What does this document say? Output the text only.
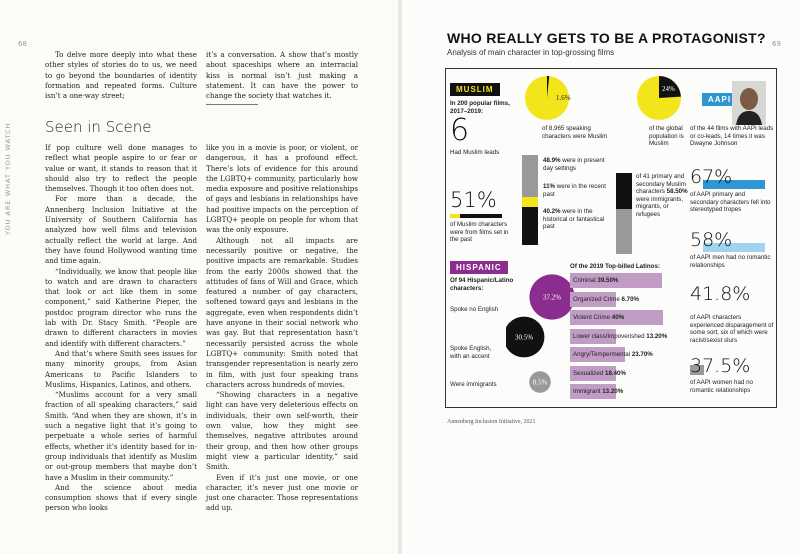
68
YOU ARE WHAT YOU WATCH

To delve more deeply into what these other styles of stories do to us, we need to go beyond the boundaries of identity formation and repeated forms. Culture isn’t a one-way street;

it’s a conversation. A show that’s mostly about spaceships where an interracial kiss is normal isn’t just making a statement. It can have the power to change the society that watches it.

Seen in Scene

If pop culture well done manages to reflect what people aspire to or fear or value or want, it stands to reason that it should also try to reflect the people themselves. Though it too often does not.

For more than a decade, the Annenberg Inclusion Initiative at the University of Southern California has analyzed how well films and television actually reflect the world at large. And they have found Hollywood wanting time and time again.

“Individually, we know that people like to watch and are drawn to characters that look or act like them in some component,” said Katherine Pieper, the postdoc program director who runs the lab with Dr. Stacy Smith. “People are drawn to different characters in movies and identify with different characters.”

And that’s where Smith sees issues for many minority groups, from Asian Americans to Pacific Islanders to Muslims, Hispanics, Latinos, and others.

“Muslims account for a very small fraction of all speaking characters,” said Smith. “And when they are shown, it’s in such a negative light that it’s going to perpetuate a whole series of harmful effects, whether it’s identity based for in-group individuals that identify as Muslim or out-group members that maybe don’t have a Muslim in their community.”

And the science about media consumption shows that if every single person who looks

like you in a movie is poor, or violent, or dangerous, it has a profound effect. There’s lots of evidence for this around the LGBTQ+ community, particularly how media exposure and positive relationships of gays and lesbians in relationships have had positive impacts on the perception of LGBTQ+ people on people for whom that was the only exposure.

Although not all impacts are necessarily positive or negative, the positive impacts are remarkable. Studies from the early 2000s showed that the attitudes of fans of Will and Grace, which featured a number of gay characters, softened toward gays and lesbians in the aggregate, even when respondents didn’t have anyone in their social network who was gay. But that representation hasn’t necessarily persisted across the whole LGBTQ+ community: Smith noted that transgender representation is nearly zero in film, with just four speaking trans characters across hundreds of movies.

“Showing characters in a negative light can have very deleterious effects on individuals, their own self-worth, their own value, how they might see themselves, negative attributes around their group, and then how other groups might view a particular identity,” said Smith.

Even if it’s just one movie, or one character, it’s never just one movie or just one character. Those representations add up.

69
WHO REALLY GETS TO BE A PROTAGONIST?
Analysis of main character in top-grossing films
MUSLIM
In 200 popular films, 2017–2019:
6
Had Muslim leads
51%
of Muslim characters were from films set in the past
1.6%
of 8,965 speaking characters were Muslim
24%
of the global population is Muslim
48.9% were in present day settings
11% were in the recent past
40.2% were in the historical or fantastical past
of 41 primary and secondary Muslim characters 58.50% were immigrants, migrants, or refugees
HISPANIC
Of 94 Hispanic/Latino characters:
Spoke no English
Spoke English, with an accent
Were immigrants
37.2%
30.5%
8.5%
Of the 2019 Top-billed Latinos:
Criminal 39.50%
Organized Crime 6.70%
Violent Crime 40%
Lower class/Impoverished 13.20%
Angry/Tempermental 23.70%
Sexualized 18.40%
Immigrant 13.20%
AAPI
of the 44 films with AAPI leads or co-leads, 14 times it was Dwayne Johnson
67%
of AAPI primary and secondary characters fell into stereotyped tropes
58%
of AAPI men had no romantic relationships
41.8%
of AAPI characters experienced disparagement of some sort, six of which were racist/sexist slurs
37.5%
of AAPI women had no romantic relationships
Annenberg Inclusion Initiative, 2021
